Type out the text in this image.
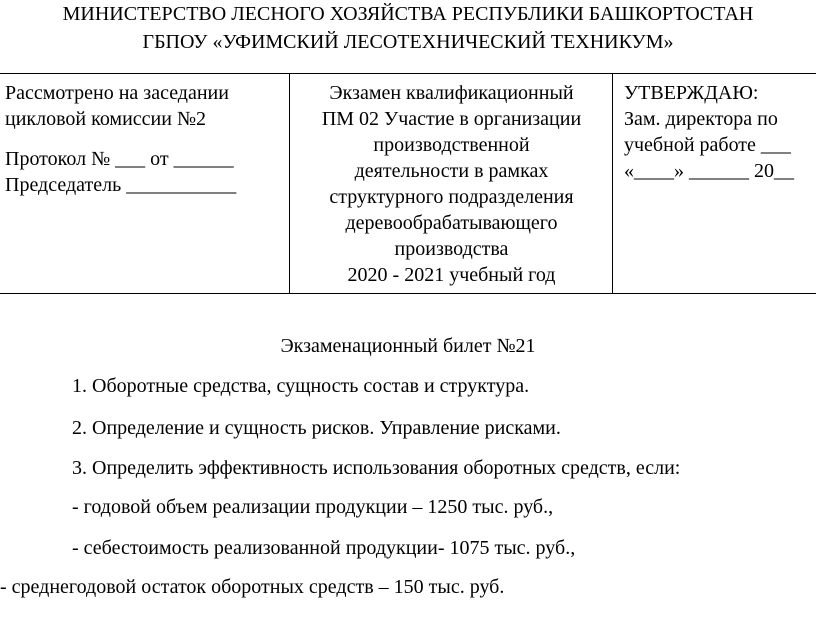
МИНИСТЕРСТВО ЛЕСНОГО ХОЗЯЙСТВА РЕСПУБЛИКИ БАШКОРТОСТАН
ГБПОУ «УФИМСКИЙ ЛЕСОТЕХНИЧЕСКИЙ ТЕХНИКУМ»
Рассмотрено на заседании
цикловой комиссии №2
Протокол № ___ от ______
Председатель ___________
Экзамен квалификационный
ПМ 02 Участие в организации
производственной
деятельности в рамках
структурного подразделения
деревообрабатывающего
производства
2020 - 2021 учебный год
УТВЕРЖДАЮ:
Зам. директора по
учебной работе ___
«____» ______ 20__
Экзаменационный билет №21
1. Оборотные средства, сущность состав и структура.
2. Определение и сущность рисков. Управление рисками.
3. Определить эффективность использования оборотных средств, если:
- годовой объем реализации продукции – 1250 тыс. руб.,
- себестоимость реализованной продукции- 1075 тыс. руб.,
- среднегодовой остаток оборотных средств – 150 тыс. руб.
